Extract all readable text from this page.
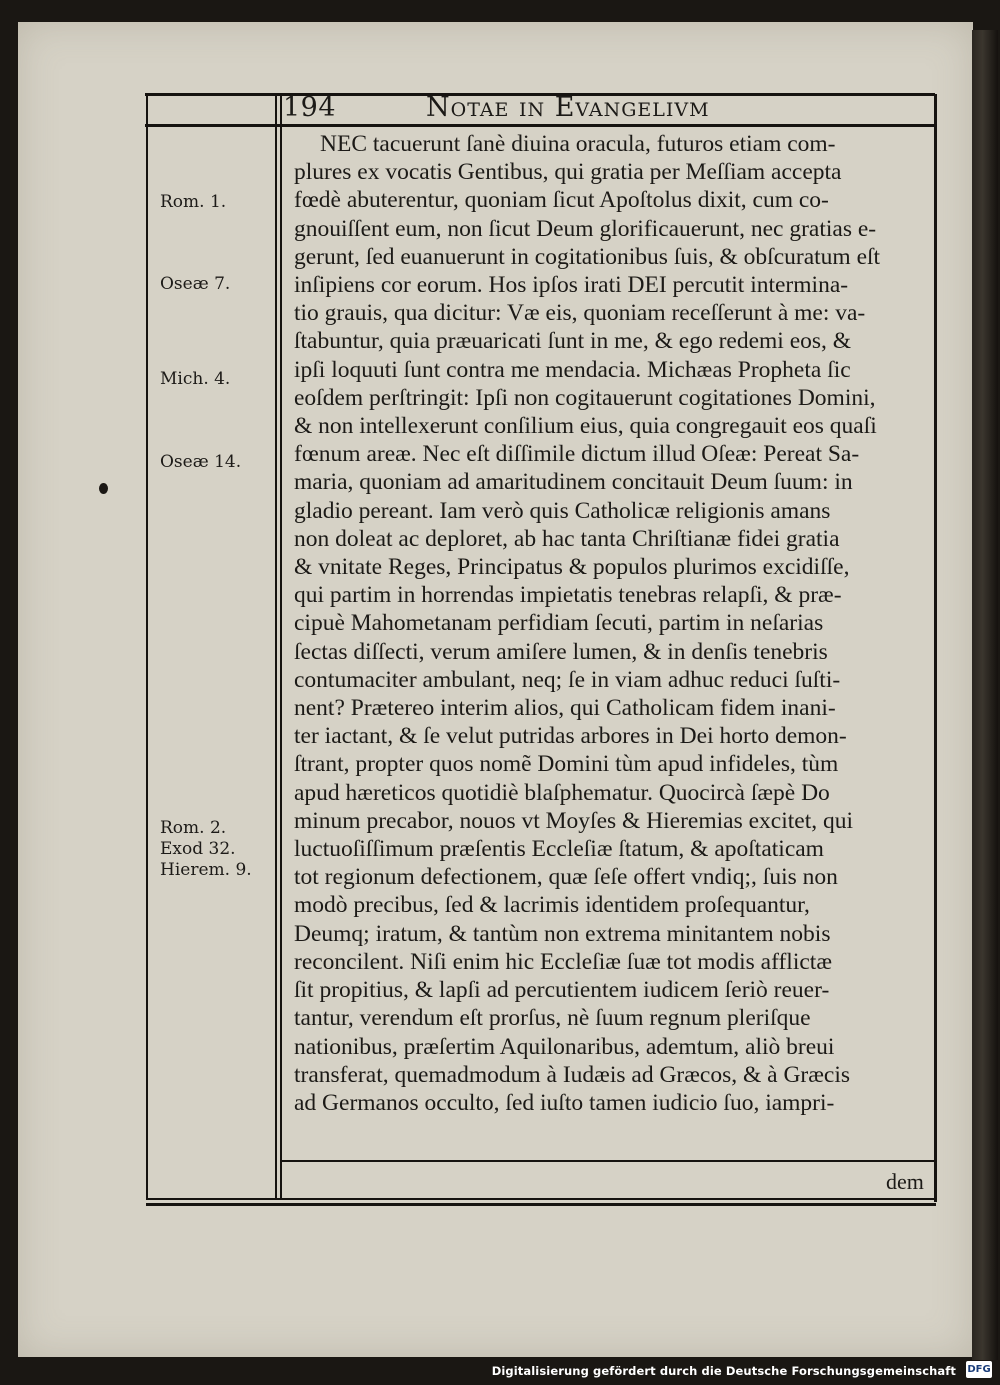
194	Notae in Evangelivm
Rom. 1.
Oseæ 7.
Mich. 4.
Oseæ 14.
Rom. 2.
Exod 32.
Hierem. 9.
NEC tacuerunt ſanè diuina oracula, futuros etiam com-
plures ex vocatis Gentibus, qui gratia per Meſſiam accepta
fœdè abuterentur, quoniam ſicut Apoſtolus dixit, cum co-
gnouiſſent eum, non ſicut Deum glorificauerunt, nec gratias e-
gerunt, ſed euanuerunt in cogitationibus ſuis, & obſcuratum eſt
inſipiens cor eorum. Hos ipſos irati DEI percutit intermina-
tio grauis, qua dicitur: Væ eis, quoniam receſſerunt à me: va-
ſtabuntur, quia præuaricati ſunt in me, & ego redemi eos, &
ipſi loquuti ſunt contra me mendacia. Michæas Propheta ſic
eoſdem perſtringit: Ipſi non cogitauerunt cogitationes Domini,
& non intellexerunt conſilium eius, quia congregauit eos quaſi
fœnum areæ. Nec eſt diſſimile dictum illud Oſeæ: Pereat Sa-
maria, quoniam ad amaritudinem concitauit Deum ſuum: in
gladio pereant. Iam verò quis Catholicæ religionis amans
non doleat ac deploret, ab hac tanta Chriſtianæ fidei gratia
& vnitate Reges, Principatus & populos plurimos excidiſſe,
qui partim in horrendas impietatis tenebras relapſi, & præ-
cipuè Mahometanam perfidiam ſecuti, partim in neſarias
ſectas diſſecti, verum amiſere lumen, & in denſis tenebris
contumaciter ambulant, neq; ſe in viam adhuc reduci ſuſti-
nent? Prætereo interim alios, qui Catholicam fidem inani-
ter iactant, & ſe velut putridas arbores in Dei horto demon-
ſtrant, propter quos nomẽ Domini tùm apud infideles, tùm
apud hæreticos quotidiè blaſphematur. Quocircà ſæpè Do
minum precabor, nouos vt Moyſes & Hieremias excitet, qui
luctuoſiſſimum præſentis Eccleſiæ ſtatum, & apoſtaticam
tot regionum defectionem, quæ ſeſe offert vndiq;, ſuis non
modò precibus, ſed & lacrimis identidem proſequantur,
Deumq; iratum, & tantùm non extrema minitantem nobis
reconcilent. Niſi enim hic Eccleſiæ ſuæ tot modis afflictæ
ſit propitius, & lapſi ad percutientem iudicem ſeriò reuer-
tantur, verendum eſt prorſus, nè ſuum regnum pleriſque
nationibus, præſertim Aquilonaribus, ademtum, aliò breui
transferat, quemadmodum à Iudæis ad Græcos, & à Græcis
ad Germanos occulto, ſed iuſto tamen iudicio ſuo, iampri-
dem
Digitalisierung gefördert durch die Deutsche Forschungsgemeinschaft DFG
